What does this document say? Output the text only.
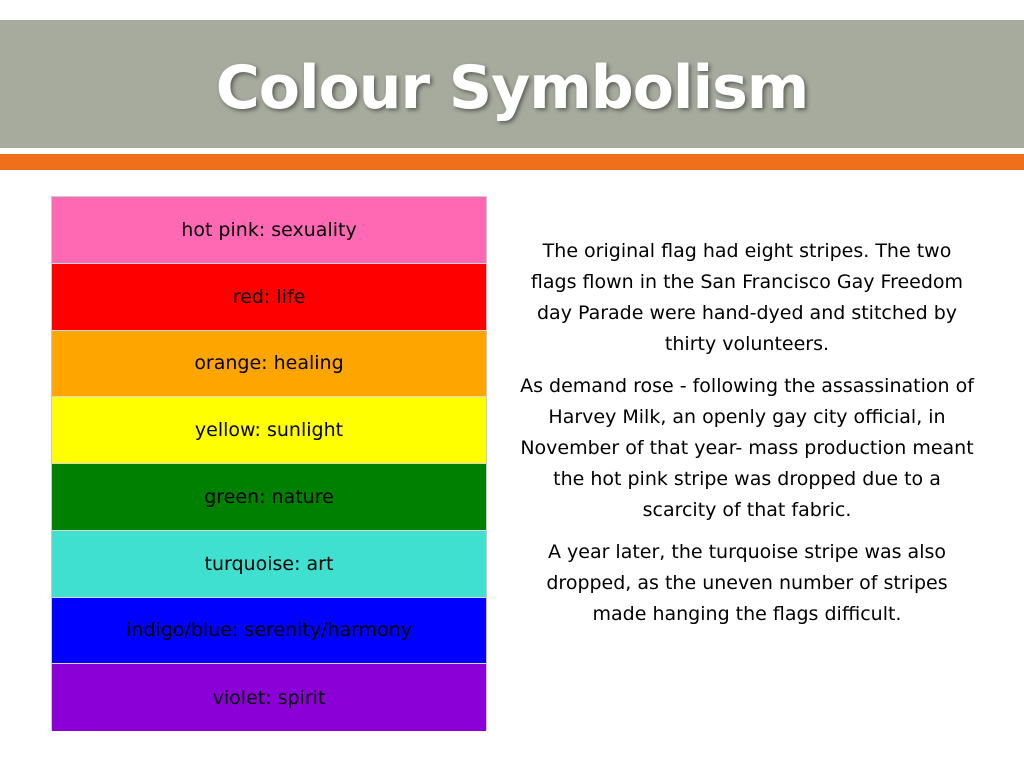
Colour Symbolism
hot pink: sexuality
red: life
orange: healing
yellow: sunlight
green: nature
turquoise: art
indigo/blue: serenity/harmony
violet: spirit

The original flag had eight stripes. The two flags flown in the San Francisco Gay Freedom day Parade were hand-dyed and stitched by thirty volunteers.

As demand rose - following the assassination of Harvey Milk, an openly gay city official, in November of that year- mass production meant the hot pink stripe was dropped due to a scarcity of that fabric.

A year later, the turquoise stripe was also dropped, as the uneven number of stripes made hanging the flags difficult.
